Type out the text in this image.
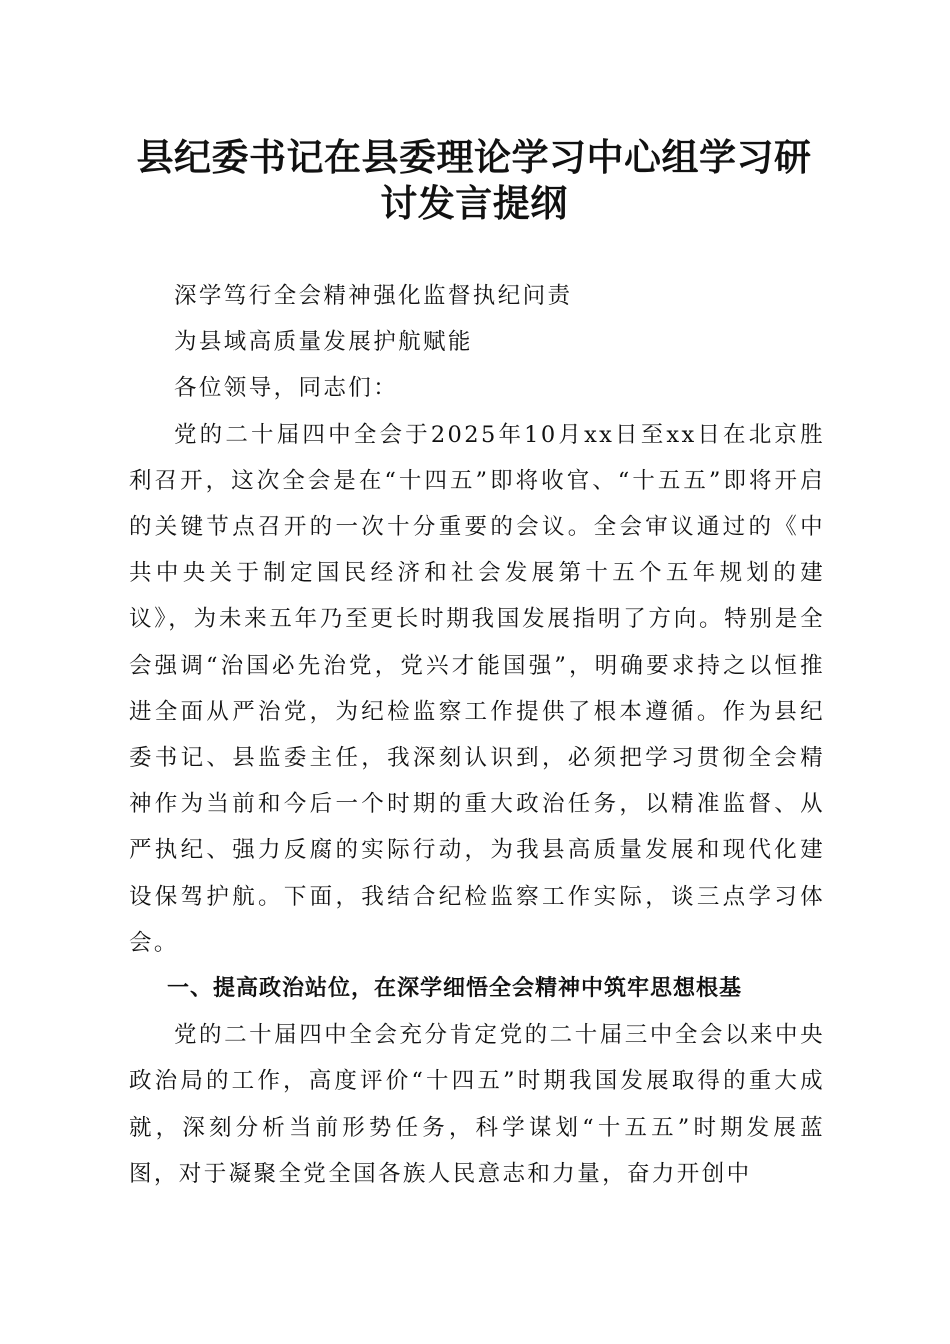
县纪委书记在县委理论学习中心组学习研讨发言提纲

深学笃行全会精神强化监督执纪问责

为县域高质量发展护航赋能

各位领导，同志们：

党的二十届四中全会于2025年10月xx日至xx日在北京胜利召开，这次全会是在“十四五”即将收官、“十五五”即将开启的关键节点召开的一次十分重要的会议。全会审议通过的《中共中央关于制定国民经济和社会发展第十五个五年规划的建议》，为未来五年乃至更长时期我国发展指明了方向。特别是全会强调“治国必先治党，党兴才能国强”，明确要求持之以恒推进全面从严治党，为纪检监察工作提供了根本遵循。作为县纪委书记、县监委主任，我深刻认识到，必须把学习贯彻全会精神作为当前和今后一个时期的重大政治任务，以精准监督、从严执纪、强力反腐的实际行动，为我县高质量发展和现代化建设保驾护航。下面，我结合纪检监察工作实际，谈三点学习体会。

一、提高政治站位，在深学细悟全会精神中筑牢思想根基

党的二十届四中全会充分肯定党的二十届三中全会以来中央政治局的工作，高度评价“十四五”时期我国发展取得的重大成就，深刻分析当前形势任务，科学谋划“十五五”时期发展蓝图，对于凝聚全党全国各族人民意志和力量，奋力开创中
